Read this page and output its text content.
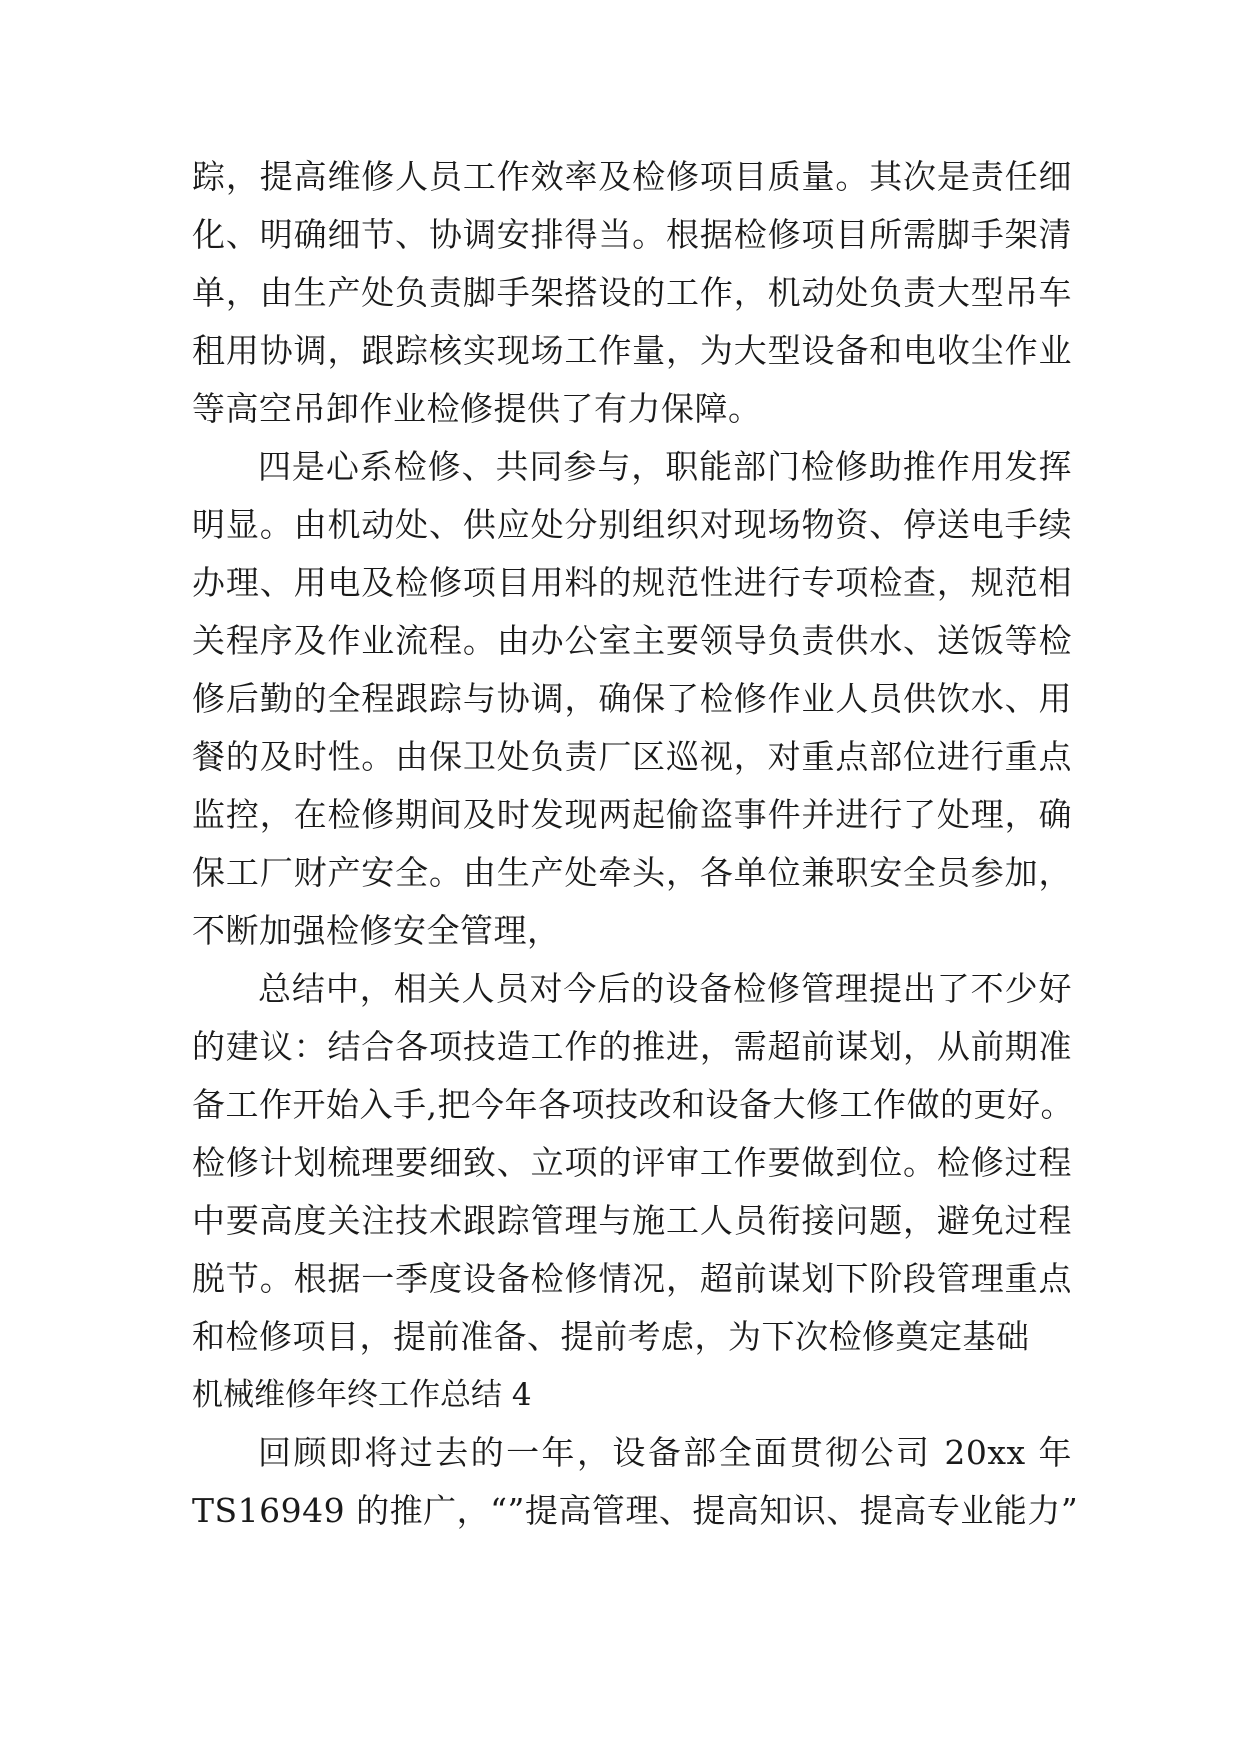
踪，提高维修人员工作效率及检修项目质量。其次是责任细
化、明确细节、协调安排得当。根据检修项目所需脚手架清
单，由生产处负责脚手架搭设的工作，机动处负责大型吊车
租用协调，跟踪核实现场工作量，为大型设备和电收尘作业
等高空吊卸作业检修提供了有力保障。
四是心系检修、共同参与，职能部门检修助推作用发挥
明显。由机动处、供应处分别组织对现场物资、停送电手续
办理、用电及检修项目用料的规范性进行专项检查，规范相
关程序及作业流程。由办公室主要领导负责供水、送饭等检
修后勤的全程跟踪与协调，确保了检修作业人员供饮水、用
餐的及时性。由保卫处负责厂区巡视，对重点部位进行重点
监控，在检修期间及时发现两起偷盗事件并进行了处理，确
保工厂财产安全。由生产处牵头，各单位兼职安全员参加，
不断加强检修安全管理，
总结中，相关人员对今后的设备检修管理提出了不少好
的建议：结合各项技造工作的推进，需超前谋划，从前期准
备工作开始入手,把今年各项技改和设备大修工作做的更好。
检修计划梳理要细致、立项的评审工作要做到位。检修过程
中要高度关注技术跟踪管理与施工人员衔接问题，避免过程
脱节。根据一季度设备检修情况，超前谋划下阶段管理重点
和检修项目，提前准备、提前考虑，为下次检修奠定基础
机械维修年终工作总结 4
回顾即将过去的一年，设备部全面贯彻公司 20xx 年
TS16949 的推广，“”提高管理、提高知识、提高专业能力”
